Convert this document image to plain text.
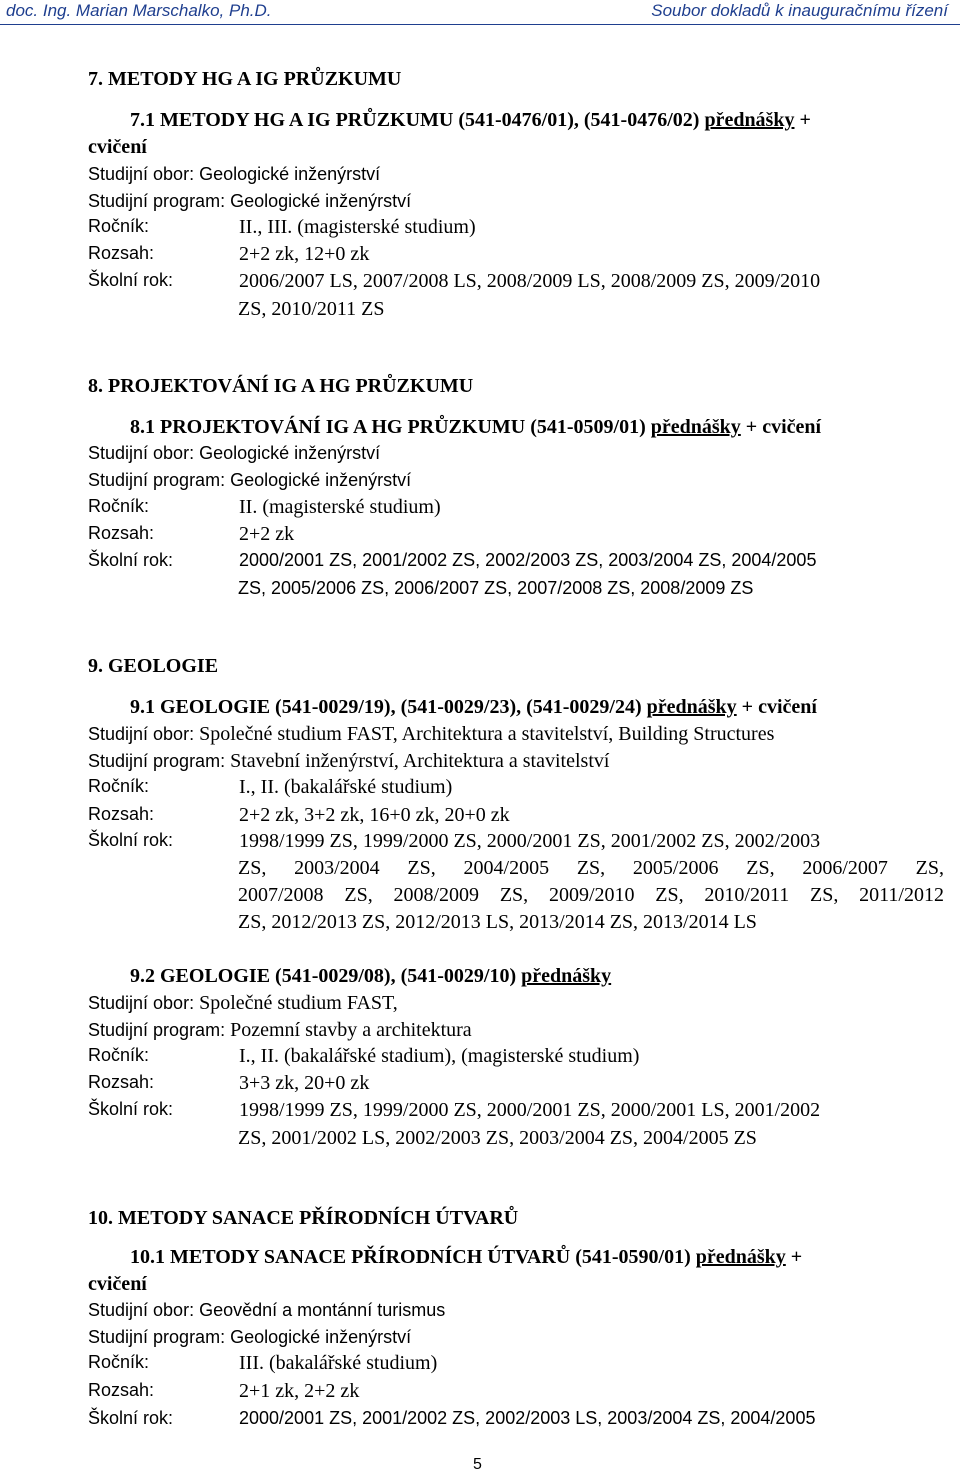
doc. Ing. Marian Marschalko, Ph.D.	Soubor dokladů k inauguračnímu řízení
7. METODY HG A IG PRŮZKUMU
7.1 METODY HG A IG PRŮZKUMU (541-0476/01), (541-0476/02) přednášky +
cvičení
Studijní obor: Geologické inženýrství
Studijní program: Geologické inženýrství
Ročník:	II., III. (magisterské studium)
Rozsah:	2+2 zk, 12+0 zk
Školní rok:	2006/2007 LS, 2007/2008 LS, 2008/2009 LS, 2008/2009 ZS, 2009/2010
ZS, 2010/2011 ZS
8. PROJEKTOVÁNÍ IG A HG PRŮZKUMU
8.1 PROJEKTOVÁNÍ IG A HG PRŮZKUMU (541-0509/01) přednášky + cvičení
Studijní obor: Geologické inženýrství
Studijní program: Geologické inženýrství
Ročník:	II. (magisterské studium)
Rozsah:	2+2 zk
Školní rok:	2000/2001 ZS, 2001/2002 ZS, 2002/2003 ZS, 2003/2004 ZS, 2004/2005
ZS, 2005/2006 ZS, 2006/2007 ZS, 2007/2008 ZS, 2008/2009 ZS
9. GEOLOGIE
9.1 GEOLOGIE (541-0029/19), (541-0029/23), (541-0029/24) přednášky + cvičení
Studijní obor: Společné studium FAST, Architektura a stavitelství, Building Structures
Studijní program: Stavební inženýrství, Architektura a stavitelství
Ročník:	I., II. (bakalářské studium)
Rozsah:	2+2 zk, 3+2 zk, 16+0 zk, 20+0 zk
Školní rok:	1998/1999 ZS, 1999/2000 ZS, 2000/2001 ZS, 2001/2002 ZS, 2002/2003
ZS, 2003/2004 ZS, 2004/2005 ZS, 2005/2006 ZS, 2006/2007 ZS,
2007/2008 ZS, 2008/2009 ZS, 2009/2010 ZS, 2010/2011 ZS, 2011/2012
ZS, 2012/2013 ZS, 2012/2013 LS, 2013/2014 ZS, 2013/2014 LS
9.2 GEOLOGIE (541-0029/08), (541-0029/10) přednášky
Studijní obor: Společné studium FAST,
Studijní program: Pozemní stavby a architektura
Ročník:	I., II. (bakalářské stadium), (magisterské studium)
Rozsah:	3+3 zk, 20+0 zk
Školní rok:	1998/1999 ZS, 1999/2000 ZS, 2000/2001 ZS, 2000/2001 LS, 2001/2002
ZS, 2001/2002 LS, 2002/2003 ZS, 2003/2004 ZS, 2004/2005 ZS
10. METODY SANACE PŘÍRODNÍCH ÚTVARŮ
10.1 METODY SANACE PŘÍRODNÍCH ÚTVARŮ (541-0590/01) přednášky +
cvičení
Studijní obor: Geovědní a montánní turismus
Studijní program: Geologické inženýrství
Ročník:	III. (bakalářské studium)
Rozsah:	2+1 zk, 2+2 zk
Školní rok:	2000/2001 ZS, 2001/2002 ZS, 2002/2003 LS, 2003/2004 ZS, 2004/2005
5
